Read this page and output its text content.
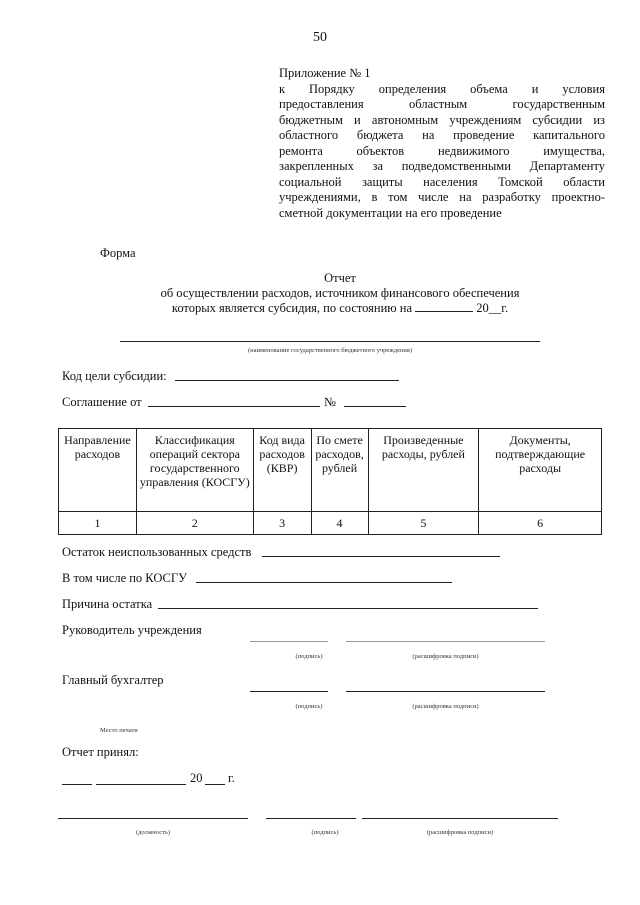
50
Приложение № 1
к Порядку определения объема и условия
предоставления областным государственным
бюджетным и автономным учреждениям субсидии из
областного бюджета на проведение капитального
ремонта объектов недвижимого имущества,
закрепленных за подведомственными Департаменту
социальной защиты населения Томской области
учреждениями, в том числе на разработку проектно-
сметной документации на его проведение
Форма
Отчет
об осуществлении расходов, источником финансового обеспечения
которых является субсидия, по состоянию на	20__г.
(наименование государственного бюджетного учреждения)
Код цели субсидии:
Соглашение от	№
Направление расходов	Классификация операций сектора государственного управления (КОСГУ)	Код вида расходов (КВР)	По смете расходов, рублей	Произведенные расходы, рублей	Документы, подтверждающие расходы
1	2	3	4	5	6
Остаток неиспользованных средств
В том числе по КОСГУ
Причина остатка
Руководитель учреждения
(подпись)	(расшифровка подписи)
Главный бухгалтер
(подпись)	(расшифровка подписи)
Место печати
Отчет принял:
20 г.
(должность)	(подпись)	(расшифровка подписи)
